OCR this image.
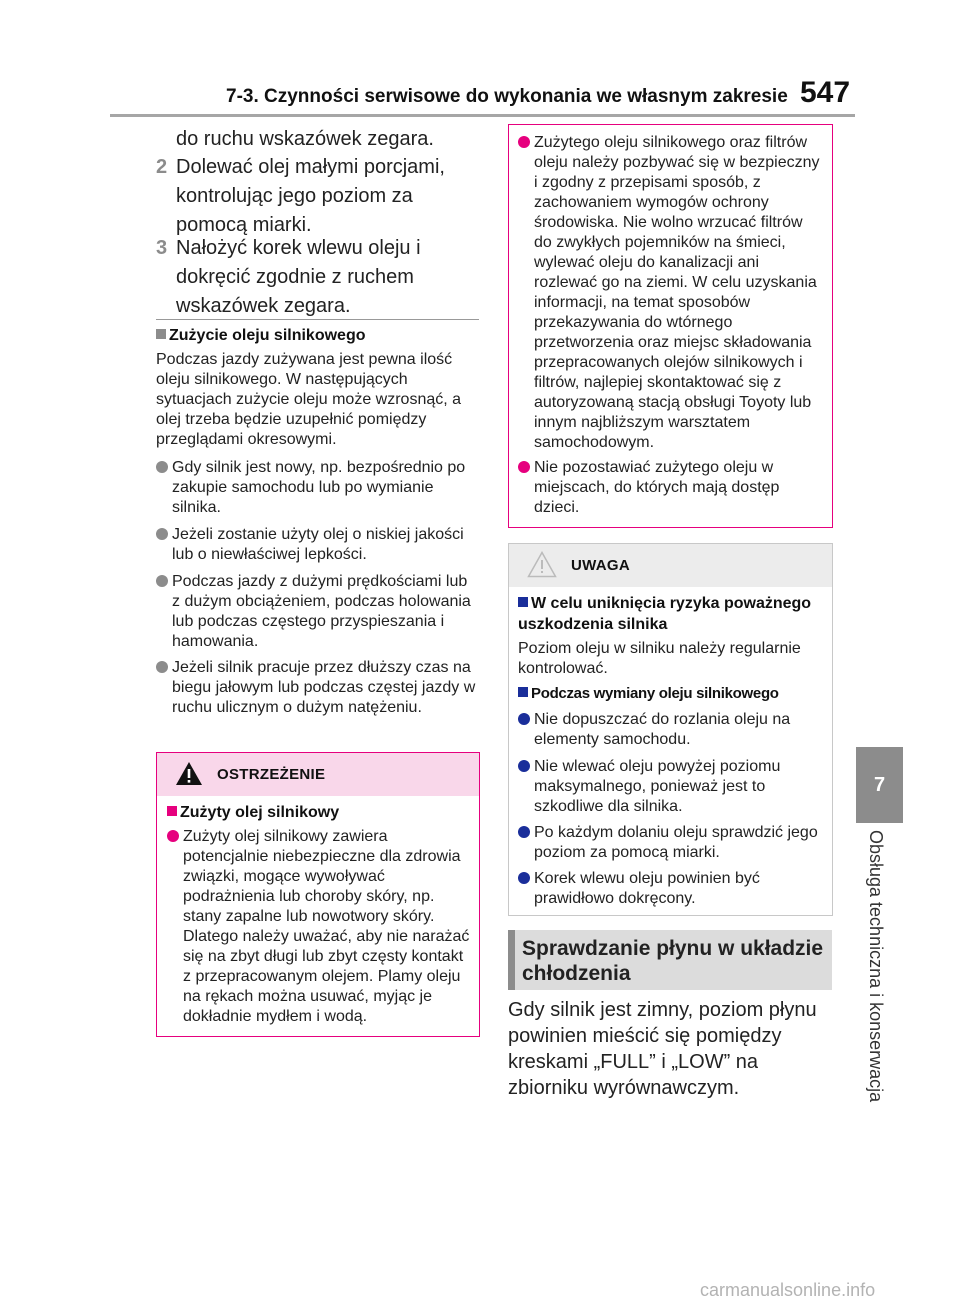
7-3. Czynności serwisowe do wykonania we własnym zakresie 547
7
Obsługa techniczna i konserwacja
do ruchu wskazówek zegara.
2 Dolewać olej małymi porcjami, kontrolując jego poziom za pomocą miarki.
3 Nałożyć korek wlewu oleju i dokręcić zgodnie z ruchem wskazówek zegara.
Zużycie oleju silnikowego
Podczas jazdy zużywana jest pewna ilość oleju silnikowego. W następujących sytuacjach zużycie oleju może wzrosnąć, a olej trzeba będzie uzupełnić pomiędzy przeglądami okresowymi.
Gdy silnik jest nowy, np. bezpośrednio po zakupie samochodu lub po wymianie silnika.
Jeżeli zostanie użyty olej o niskiej jakości lub o niewłaściwej lepkości.
Podczas jazdy z dużymi prędkościami lub z dużym obciążeniem, podczas holowania lub podczas częstego przyspieszania i hamowania.
Jeżeli silnik pracuje przez dłuższy czas na biegu jałowym lub podczas częstej jazdy w ruchu ulicznym o dużym natężeniu.
OSTRZEŻENIE
Zużyty olej silnikowy
Zużyty olej silnikowy zawiera potencjalnie niebezpieczne dla zdrowia związki, mogące wywoływać podrażnienia lub choroby skóry, np. stany zapalne lub nowotwory skóry. Dlatego należy uważać, aby nie narażać się na zbyt długi lub zbyt częsty kontakt z przepracowanym olejem. Plamy oleju na rękach można usuwać, myjąc je dokładnie mydłem i wodą.
Zużytego oleju silnikowego oraz filtrów oleju należy pozbywać się w bezpieczny i zgodny z przepisami sposób, z zachowaniem wymogów ochrony środowiska. Nie wolno wrzucać filtrów do zwykłych pojemników na śmieci, wylewać oleju do kanalizacji ani rozlewać go na ziemi. W celu uzyskania informacji, na temat sposobów przekazywania do wtórnego przetworzenia oraz miejsc składowania przepracowanych olejów silnikowych i filtrów, najlepiej skontaktować się z autoryzowaną stacją obsługi Toyoty lub innym najbliższym warsztatem samochodowym.
Nie pozostawiać zużytego oleju w miejscach, do których mają dostęp dzieci.
UWAGA
W celu uniknięcia ryzyka poważnego uszkodzenia silnika
Poziom oleju w silniku należy regularnie kontrolować.
Podczas wymiany oleju silnikowego
Nie dopuszczać do rozlania oleju na elementy samochodu.
Nie wlewać oleju powyżej poziomu maksymalnego, ponieważ jest to szkodliwe dla silnika.
Po każdym dolaniu oleju sprawdzić jego poziom za pomocą miarki.
Korek wlewu oleju powinien być prawidłowo dokręcony.
Sprawdzanie płynu w układzie chłodzenia
Gdy silnik jest zimny, poziom płynu powinien mieścić się pomiędzy kreskami „FULL” i „LOW” na zbiorniku wyrównawczym.
carmanualsonline.info
